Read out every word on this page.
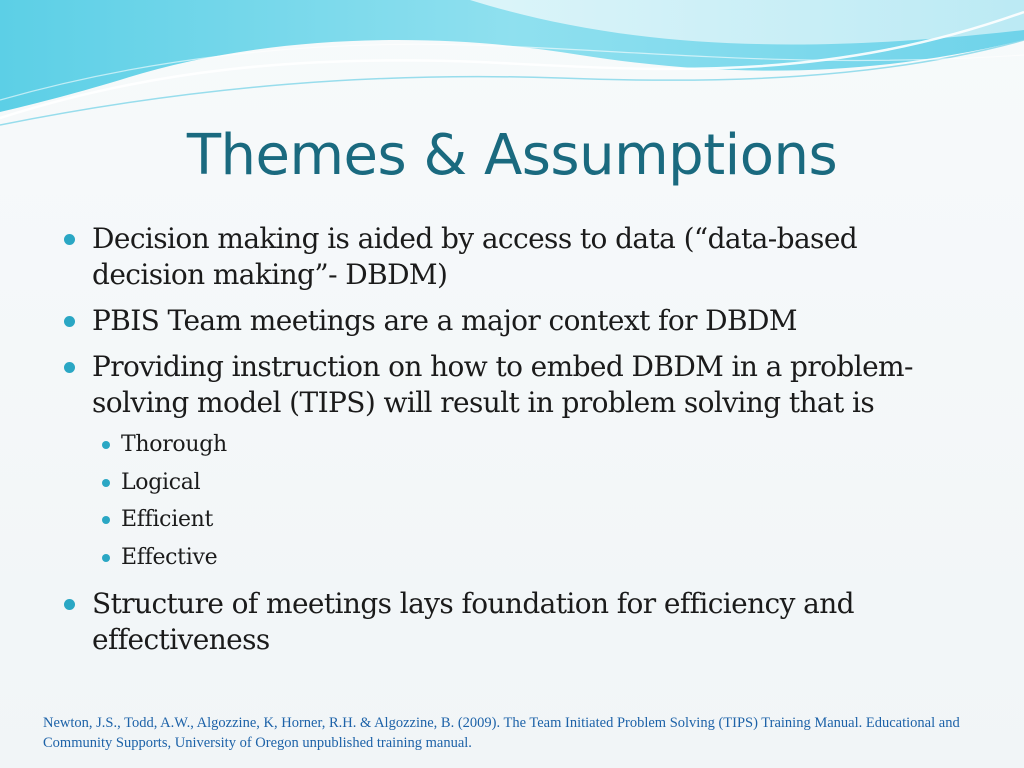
Themes & Assumptions
Decision making is aided by access to data (“data-based decision making”- DBDM)
PBIS Team meetings are a major context for DBDM
Providing instruction on how to embed DBDM in a problem-solving model (TIPS) will result in problem solving that is
Thorough
Logical
Efficient
Effective
Structure of meetings lays foundation for efficiency and effectiveness
Newton, J.S., Todd, A.W., Algozzine, K, Horner, R.H. & Algozzine, B. (2009). The Team Initiated Problem Solving (TIPS) Training Manual. Educational and Community Supports, University of Oregon unpublished training manual.
